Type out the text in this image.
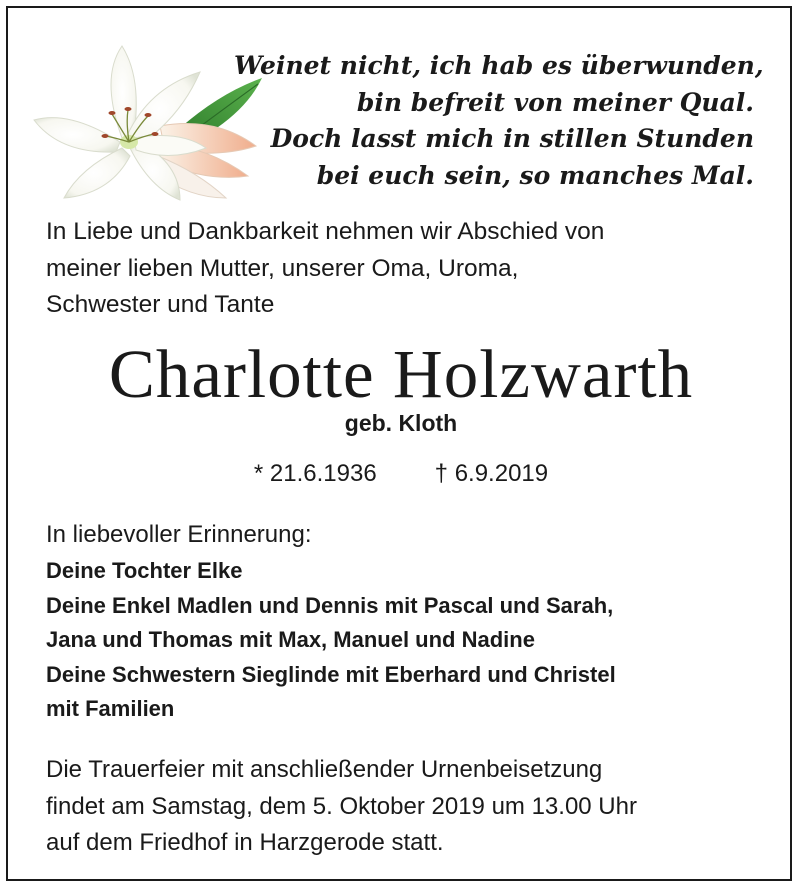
Weinet nicht, ich hab es überwunden,
bin befreit von meiner Qual.
Doch lasst mich in stillen Stunden
bei euch sein, so manches Mal.
In Liebe und Dankbarkeit nehmen wir Abschied von
meiner lieben Mutter, unserer Oma, Uroma,
Schwester und Tante
Charlotte Holzwarth
geb. Kloth
* 21.6.1936 † 6.9.2019
In liebevoller Erinnerung:
Deine Tochter Elke
Deine Enkel Madlen und Dennis mit Pascal und Sarah,
Jana und Thomas mit Max, Manuel und Nadine
Deine Schwestern Sieglinde mit Eberhard und Christel
mit Familien
Die Trauerfeier mit anschließender Urnenbeisetzung
findet am Samstag, dem 5. Oktober 2019 um 13.00 Uhr
auf dem Friedhof in Harzgerode statt.
